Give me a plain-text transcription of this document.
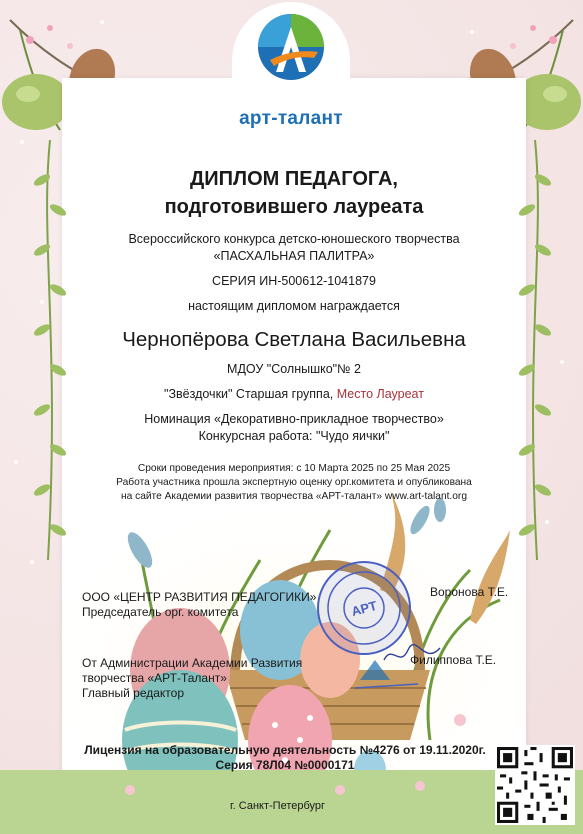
арт-талант
ДИПЛОМ ПЕДАГОГА,
подготовившего лауреата
Всероссийского конкурса детско-юношеского творчества
«ПАСХАЛЬНАЯ ПАЛИТРА»
СЕРИЯ ИН-500612-1041879
настоящим дипломом награждается
Чернопёрова Светлана Васильевна
МДОУ "Солнышко"№ 2
"Звёздочки" Старшая группа, Место Лауреат
Номинация «Декоративно-прикладное творчество»
Конкурсная работа: "Чудо яички"
Сроки проведения мероприятия: с 10 Марта 2025 по 25 Мая 2025
Работа участника прошла экспертную оценку орг.комитета и опубликована
на сайте Академии развития творчества «АРТ-талант» www.art-talant.org
АРТ
ООО «ЦЕНТР РАЗВИТИЯ ПЕДАГОГИКИ»
Председатель орг. комитета
Воронова Т.Е.
От Администрации Академии Развития
творчества «АРТ-Талант»
Главный редактор
Филиппова Т.Е.
Лицензия на образовательную деятельность №4276 от 19.11.2020г.
Серия 78Л04 №0000171
г. Санкт-Петербург
